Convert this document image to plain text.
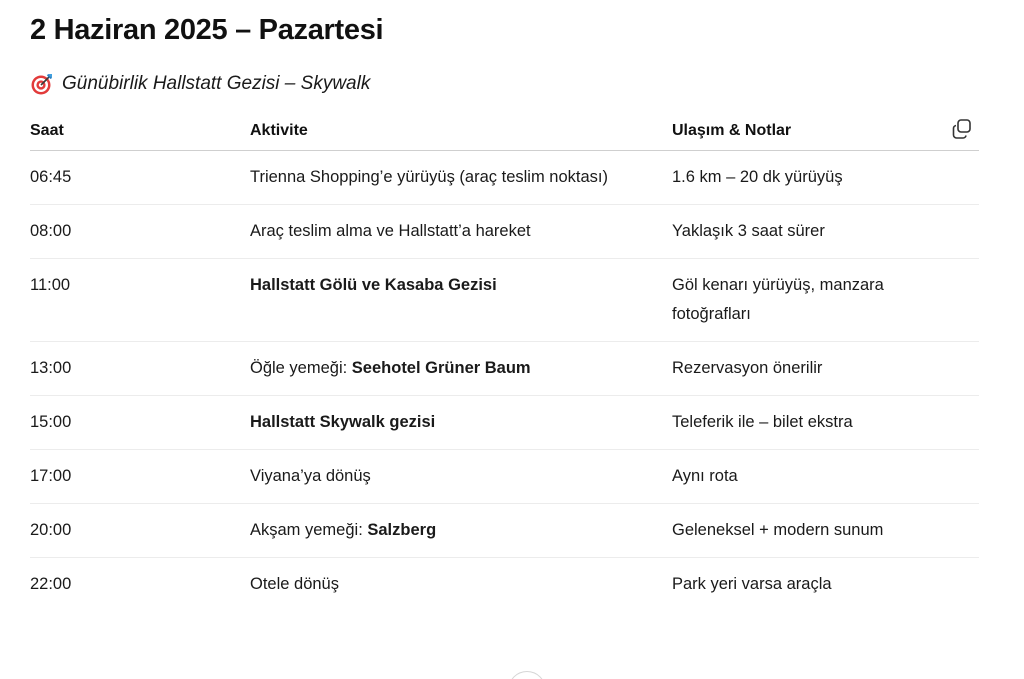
2 Haziran 2025 – Pazartesi
Günübirlik Hallstatt Gezisi – Skywalk
Saat	Aktivite	Ulaşım & Notlar

06:45	Trienna Shopping’e yürüyüş (araç teslim noktası)	1.6 km – 20 dk yürüyüş
08:00	Araç teslim alma ve Hallstatt’a hareket	Yaklaşık 3 saat sürer
11:00	Hallstatt Gölü ve Kasaba Gezisi	Göl kenarı yürüyüş, manzara fotoğrafları
13:00	Öğle yemeği: Seehotel Grüner Baum	Rezervasyon önerilir
15:00	Hallstatt Skywalk gezisi	Teleferik ile – bilet ekstra
17:00	Viyana’ya dönüş	Aynı rota
20:00	Akşam yemeği: Salzberg	Geleneksel + modern sunum
22:00	Otele dönüş	Park yeri varsa araçla
